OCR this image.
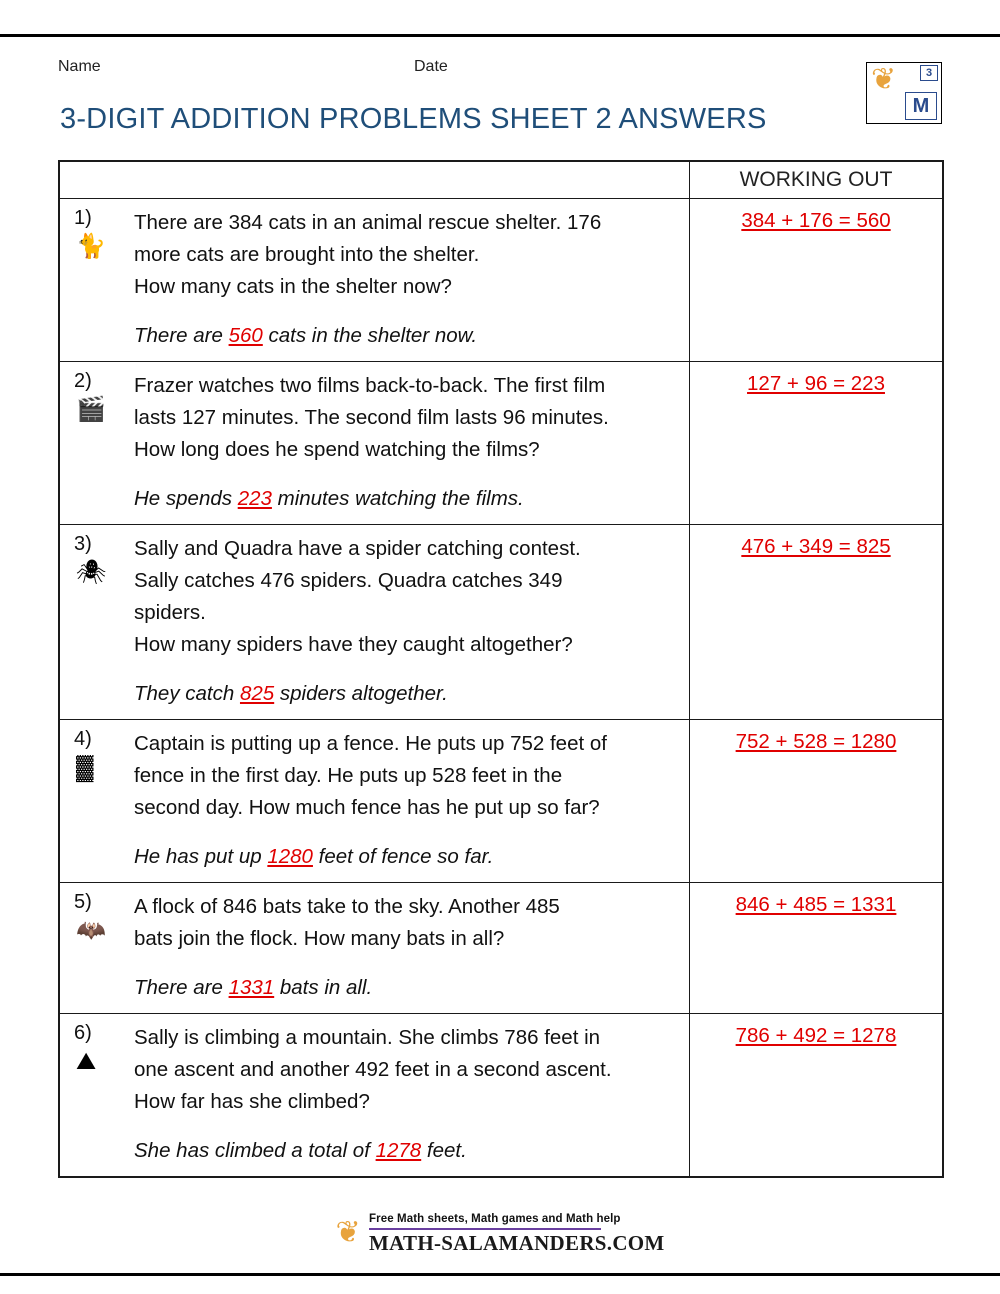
Name	Date
3-DIGIT ADDITION PROBLEMS SHEET 2 ANSWERS
❦	3
M
WORKING OUT
1)
🐈
There are 384 cats in an animal rescue shelter. 176
more cats are brought into the shelter.
How many cats in the shelter now?
There are 560 cats in the shelter now.
384 + 176 = 560
2)
🎬
Frazer watches two films back-to-back. The first film
lasts 127 minutes. The second film lasts 96 minutes.
How long does he spend watching the films?
He spends 223 minutes watching the films.
127 + 96 = 223
3)
🕷
Sally and Quadra have a spider catching contest.
Sally catches 476 spiders. Quadra catches 349
spiders.
How many spiders have they caught altogether?
They catch 825 spiders altogether.
476 + 349 = 825
4)
▓
Captain is putting up a fence. He puts up 752 feet of
fence in the first day. He puts up 528 feet in the
second day. How much fence has he put up so far?
He has put up 1280 feet of fence so far.
752 + 528 = 1280
5)
🦇
A flock of 846 bats take to the sky. Another 485
bats join the flock. How many bats in all?
There are 1331 bats in all.
846 + 485 = 1331
6)
⛰
Sally is climbing a mountain. She climbs 786 feet in
one ascent and another 492 feet in a second ascent.
How far has she climbed?
She has climbed a total of 1278 feet.
786 + 492 = 1278
❦ Free Math sheets, Math games and Math help
MATH-SALAMANDERS.COM
